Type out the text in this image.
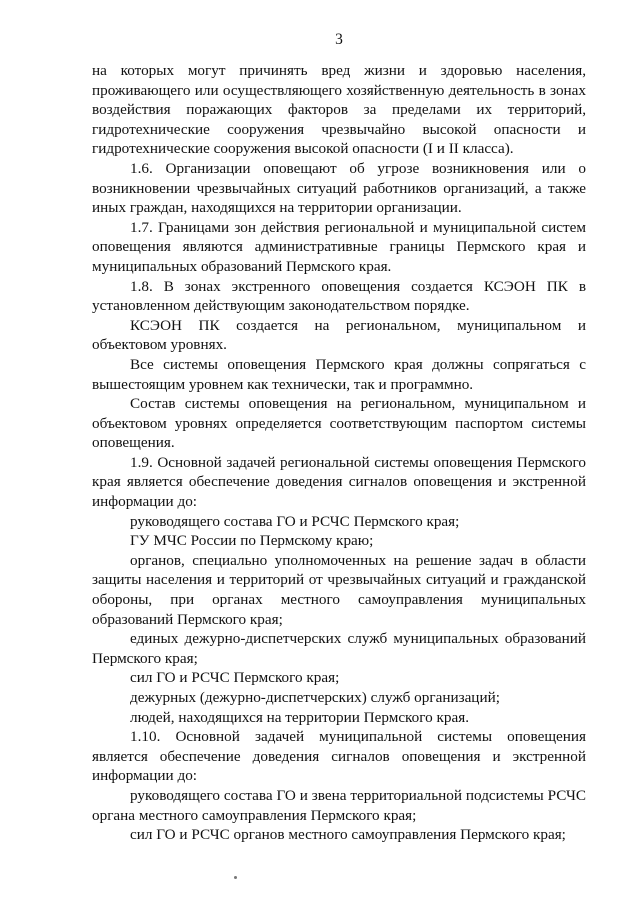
3

на которых могут причинять вред жизни и здоровью населения, проживающего или осуществляющего хозяйственную деятельность в зонах воздействия поражающих факторов за пределами их территорий, гидротехнические сооружения чрезвычайно высокой опасности и гидротехнические сооружения высокой опасности (I и II класса).

1.6. Организации оповещают об угрозе возникновения или о возникновении чрезвычайных ситуаций работников организаций, а также иных граждан, находящихся на территории организации.

1.7. Границами зон действия региональной и муниципальной систем оповещения являются административные границы Пермского края и муниципальных образований Пермского края.

1.8. В зонах экстренного оповещения создается КСЭОН ПК в установленном действующим законодательством порядке.

КСЭОН ПК создается на региональном, муниципальном и объектовом уровнях.

Все системы оповещения Пермского края должны сопрягаться с вышестоящим уровнем как технически, так и программно.

Состав системы оповещения на региональном, муниципальном и объектовом уровнях определяется соответствующим паспортом системы оповещения.

1.9. Основной задачей региональной системы оповещения Пермского края является обеспечение доведения сигналов оповещения и экстренной информации до:

руководящего состава ГО и РСЧС Пермского края;

ГУ МЧС России по Пермскому краю;

органов, специально уполномоченных на решение задач в области защиты населения и территорий от чрезвычайных ситуаций и гражданской обороны, при органах местного самоуправления муниципальных образований Пермского края;

единых дежурно-диспетчерских служб муниципальных образований Пермского края;

сил ГО и РСЧС Пермского края;

дежурных (дежурно-диспетчерских) служб организаций;

людей, находящихся на территории Пермского края.

1.10. Основной задачей муниципальной системы оповещения является обеспечение доведения сигналов оповещения и экстренной информации до:

руководящего состава ГО и звена территориальной подсистемы РСЧС органа местного самоуправления Пермского края;

сил ГО и РСЧС органов местного самоуправления Пермского края;
